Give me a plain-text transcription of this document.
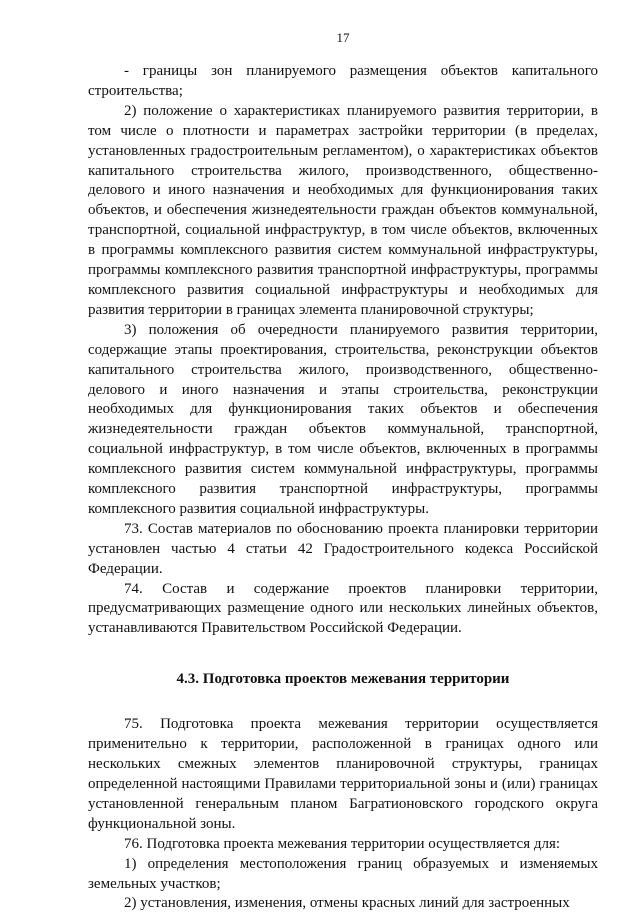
17

- границы зон планируемого размещения объектов капитального строительства;

2) положение о характеристиках планируемого развития территории, в том числе о плотности и параметрах застройки территории (в пределах, установленных градостроительным регламентом), о характеристиках объектов капитального строительства жилого, производственного, общественно-делового и иного назначения и необходимых для функционирования таких объектов, и обеспечения жизнедеятельности граждан объектов коммунальной, транспортной, социальной инфраструктур, в том числе объектов, включенных в программы комплексного развития систем коммунальной инфраструктуры, программы комплексного развития транспортной инфраструктуры, программы комплексного развития социальной инфраструктуры и необходимых для развития территории в границах элемента планировочной структуры;

3) положения об очередности планируемого развития территории, содержащие этапы проектирования, строительства, реконструкции объектов капитального строительства жилого, производственного, общественно-делового и иного назначения и этапы строительства, реконструкции необходимых для функционирования таких объектов и обеспечения жизнедеятельности граждан объектов коммунальной, транспортной, социальной инфраструктур, в том числе объектов, включенных в программы комплексного развития систем коммунальной инфраструктуры, программы комплексного развития транспортной инфраструктуры, программы комплексного развития социальной инфраструктуры.

73. Состав материалов по обоснованию проекта планировки территории установлен частью 4 статьи 42 Градостроительного кодекса Российской Федерации.

74. Состав и содержание проектов планировки территории, предусматривающих размещение одного или нескольких линейных объектов, устанавливаются Правительством Российской Федерации.

4.3. Подготовка проектов межевания территории

75. Подготовка проекта межевания территории осуществляется применительно к территории, расположенной в границах одного или нескольких смежных элементов планировочной структуры, границах определенной настоящими Правилами территориальной зоны и (или) границах установленной генеральным планом Багратионовского городского округа функциональной зоны.

76. Подготовка проекта межевания территории осуществляется для:

1) определения местоположения границ образуемых и изменяемых земельных участков;

2) установления, изменения, отмены красных линий для застроенных
